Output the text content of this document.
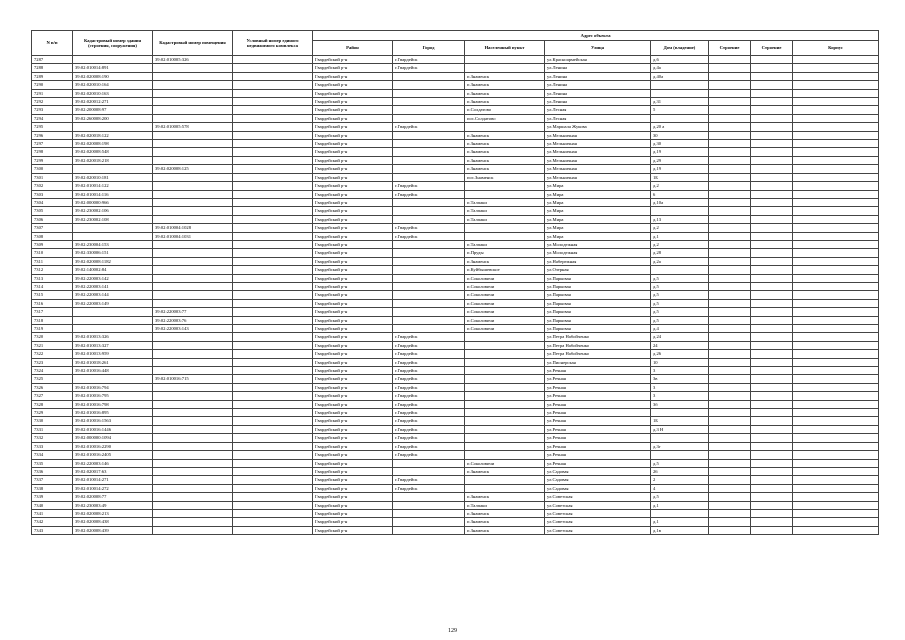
N п/п	Кадастровый номер здания (строения, сооружения)	Кадастровый номер помещения	Условный номер единого недвижимого комплекса	Адрес объекта							
				Район	Город	Населенный пункт	Улица	Дом (владение)	Строение	Строение	Корпус
7287		39:02:010005:326		Гвардейский р-н	г.Гвардейск		ул.Красноармейская	д.6			
7288	39:02:010014:891			Гвардейский р-н	г.Гвардейск		ул.Ленина	д.4а			
7289	39:02:020008:190			Гвардейский р-н		п.Знаменск	ул.Ленина	д.40а			
7290	39:02:020010:164			Гвардейский р-н		п.Знаменск	ул.Ленина				
7291	39:02:020010:163			Гвардейский р-н		п.Знаменск	ул.Ленина				
7292	39:02:020012:271			Гвардейский р-н		п.Знаменск	ул.Ленина	д.31			
7293	39:02:200008:97			Гвардейский р-н		п.Солдатово	ул.Лесная	5			
7294	39:02:260008:200			Гвардейский р-н		пос.Солдатово	ул.Лесная				
7295		39:02:010005:578		Гвардейский р-н	г.Гвардейск		ул.Маршала Жукова	д.20 а			
7296	39:02:020018:122			Гвардейский р-н		п.Знаменск	ул.Мельничная	30			
7297	39:02:020008:198			Гвардейский р-н		п.Знаменск	ул.Мельничная	д.30			
7298	39:02:020008:548			Гвардейский р-н		п.Знаменск	ул.Мельничная	д.19			
7299	39:02:020018:218			Гвардейский р-н		п.Знаменск	ул.Мельничная	д.29			
7300		39:02:020008:125		Гвардейский р-н		п.Знаменск	ул.Мельничная	д.19			
7301	39:02:020010:181			Гвардейский р-н		пос.Знаменск	ул.Мельничная	1Б			
7302	39:02:010014:122			Гвардейский р-н	г.Гвардейск		ул.Мира	д.2			
7303	39:02:010014:116			Гвардейский р-н	г.Гвардейск		ул.Мира	6			
7304	39:02:000000:966			Гвардейский р-н		п.Талпаки	ул.Мира	д.10а			
7305	39:02:230002:106			Гвардейский р-н		п.Талпаки	ул.Мира				
7306	39:02:230002:108			Гвардейский р-н		п.Талпаки	ул.Мира	д.13			
7307		39:02:010004:1028		Гвардейский р-н	г.Гвардейск		ул.Мира	д.2			
7308		39:02:010004:1031		Гвардейский р-н	г.Гвардейск		ул.Мира	д.1			
7309	39:02:230004:153			Гвардейский р-н		п.Талпаки	ул.Молодежная	д.2			
7310	39:02:330006:151			Гвардейский р-н		п.Пруды	ул.Молодежная	д.28			
7311	39:02:020008:1182			Гвардейский р-н		п.Знаменск	ул.Набережная	д.2а			
7312	39:02:140002:84			Гвардейский р-н		п.Куйбышевское	ул.Озерная				
7313	39:02:220003:142			Гвардейский р-н		п.Соколовичи	ул.Парковая	д.5			
7314	39:02:220003:141			Гвардейский р-н		п.Соколовичи	ул.Парковая	д.5			
7315	39:02:220003:144			Гвардейский р-н		п.Соколовичи	ул.Парковая	д.5			
7316	39:02:220003:149			Гвардейский р-н		п.Соколовичи	ул.Парковая	д.5			
7317		39:02:220003:77		Гвардейский р-н		п.Соколовичи	ул.Парковая	д.5			
7318		39:02:220003:76		Гвардейский р-н		п.Соколовичи	ул.Парковая	д.5			
7319		39:02:220003:143		Гвардейский р-н		п.Соколовичи	ул.Парковая	д.4			
7320	39:02:010013:326			Гвардейский р-н	г.Гвардейск		ул.Петра Набойченко	д.24			
7321	39:02:010013:327			Гвардейский р-н	г.Гвардейск		ул.Петра Набойченко	24			
7322	39:02:010013:959			Гвардейский р-н	г.Гвардейск		ул.Петра Набойченко	д.26			
7323	39:02:010018:261			Гвардейский р-н	г.Гвардейск		ул.Пионерская	10			
7324	39:02:010016:448			Гвардейский р-н	г.Гвардейск		ул.Речная	3			
7325		39:02:010016:715		Гвардейский р-н	г.Гвардейск		ул.Речная	3в			
7326	39:02:010016:794			Гвардейский р-н	г.Гвардейск		ул.Речная	3			
7327	39:02:010016:795			Гвардейский р-н	г.Гвардейск		ул.Речная	3			
7328	39:02:010016:798			Гвардейский р-н	г.Гвардейск		ул.Речная	3б			
7329	39:02:010016:895			Гвардейский р-н	г.Гвардейск		ул.Речная				
7330	39:02:010016:1563			Гвардейский р-н	г.Гвардейск		ул.Речная	1Б			
7331	39:02:010016:1446			Гвардейский р-н	г.Гвардейск		ул.Речная	д.3 Н			
7332	39:02:000000:1094			Гвардейский р-н	г.Гвардейск		ул.Речная				
7333	39:02:010016:2290			Гвардейский р-н	г.Гвардейск		ул.Речная	д.3г			
7334	39:02:010016:2405			Гвардейский р-н	г.Гвардейск		ул.Речная				
7335	39:02:220003:146			Гвардейский р-н		п.Соколовичи	ул.Речная	д.5			
7336	39:02:020017:63			Гвардейский р-н		п.Знаменск	ул.Садовая	26			
7337	39:02:010014:271			Гвардейский р-н	г.Гвардейск		ул.Садовая	2			
7338	39:02:010014:272			Гвардейский р-н	г.Гвардейск		ул.Садовая	4			
7339	39:02:020008:77			Гвардейский р-н		п.Знаменск	ул.Советская	д.5			
7340	39:02:230003:49			Гвардейский р-н		п.Талпаки	ул.Советская	д.1			
7341	39:02:020008:213			Гвардейский р-н		п.Знаменск	ул.Советская				
7342	39:02:020008:438			Гвардейский р-н		п.Знаменск	ул.Советская	д.1			
7343	39:02:020008:439			Гвардейский р-н		п.Знаменск	ул.Советская	д.1в			
129
